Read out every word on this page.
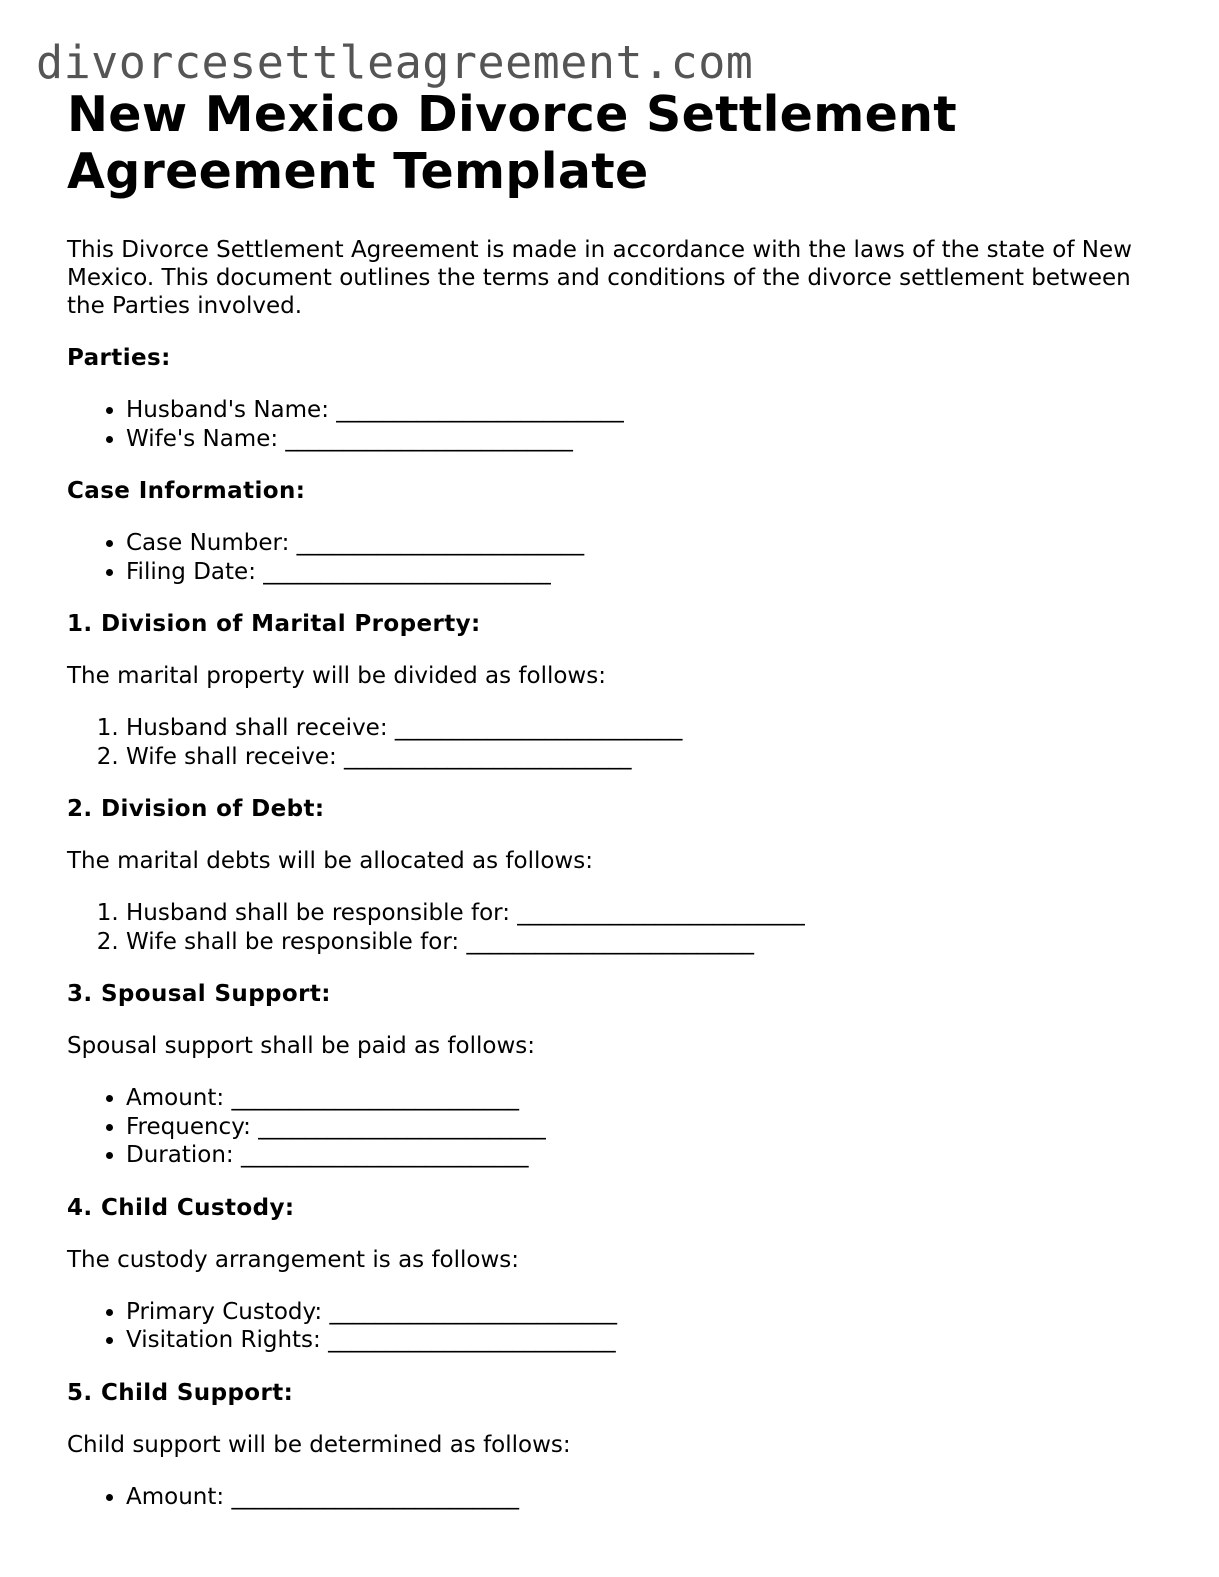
divorcesettleagreement.com
New Mexico Divorce Settlement
Agreement Template

This Divorce Settlement Agreement is made in accordance with the laws of the state of New Mexico. This document outlines the terms and conditions of the divorce settlement between the Parties involved.

Parties:
• Husband's Name: _________________________
• Wife's Name: _________________________
Case Information:
• Case Number: _________________________
• Filing Date: _________________________
1. Division of Marital Property:

The marital property will be divided as follows:

1. Husband shall receive: _________________________
2. Wife shall receive: _________________________
2. Division of Debt:

The marital debts will be allocated as follows:

1. Husband shall be responsible for: _________________________
2. Wife shall be responsible for: _________________________
3. Spousal Support:

Spousal support shall be paid as follows:

• Amount: _________________________
• Frequency: _________________________
• Duration: _________________________
4. Child Custody:

The custody arrangement is as follows:

• Primary Custody: _________________________
• Visitation Rights: _________________________
5. Child Support:

Child support will be determined as follows:

• Amount: _________________________
